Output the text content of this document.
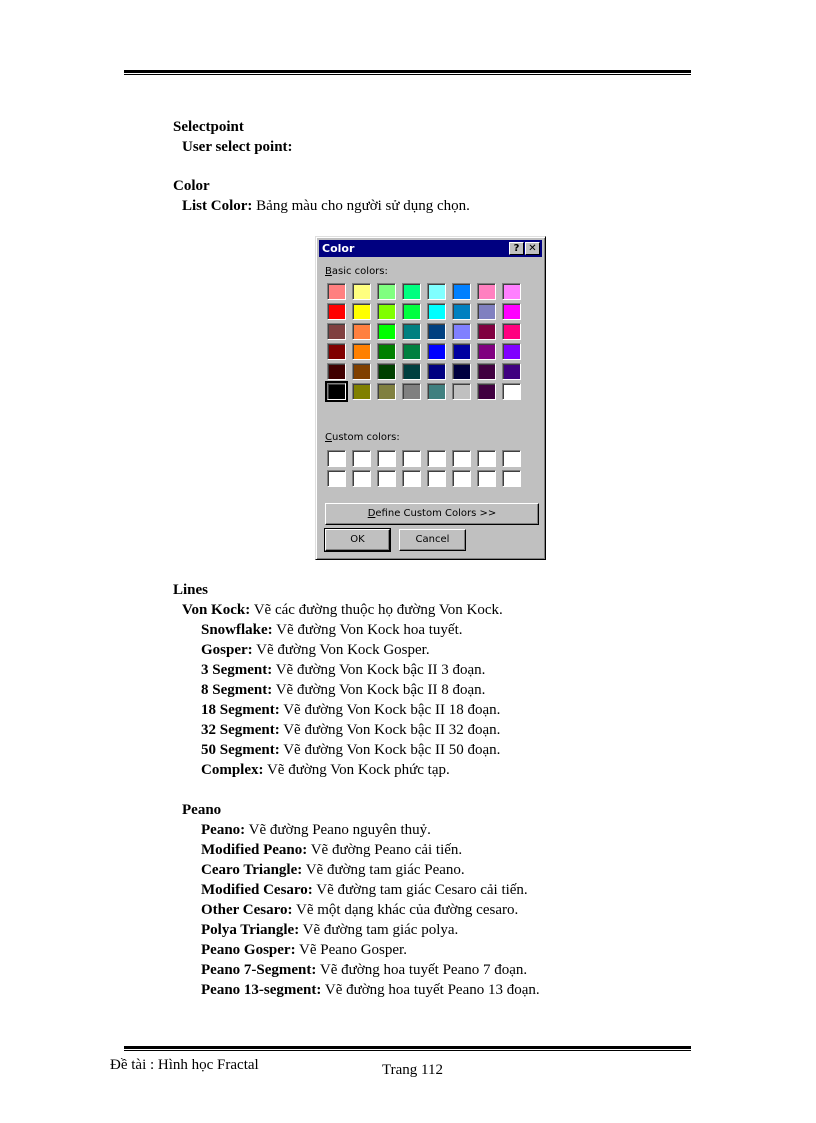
Selectpoint
User select point:
Color
List Color: Bảng màu cho người sử dụng chọn.
Color	? ✕
Basic colors:
Custom colors:
Define Custom Colors >>
OK	Cancel
Lines
Von Kock: Vẽ các đường thuộc họ đường Von Kock.
Snowflake: Vẽ đường Von Kock hoa tuyết.
Gosper: Vẽ đường Von Kock Gosper.
3 Segment: Vẽ đường Von Kock bậc II 3 đoạn.
8 Segment: Vẽ đường Von Kock bậc II 8 đoạn.
18 Segment: Vẽ đường Von Kock bậc II 18 đoạn.
32 Segment: Vẽ đường Von Kock bậc II 32 đoạn.
50 Segment: Vẽ đường Von Kock bậc II 50 đoạn.
Complex: Vẽ đường Von Kock phức tạp.
Peano
Peano: Vẽ đường Peano nguyên thuỷ.
Modified Peano: Vẽ đường Peano cải tiến.
Cearo Triangle: Vẽ đường tam giác Peano.
Modified Cesaro: Vẽ đường tam giác Cesaro cải tiến.
Other Cesaro: Vẽ một dạng khác của đường cesaro.
Polya Triangle: Vẽ đường tam giác polya.
Peano Gosper: Vẽ Peano Gosper.
Peano 7-Segment: Vẽ đường hoa tuyết Peano 7 đoạn.
Peano 13-segment: Vẽ đường hoa tuyết Peano 13 đoạn.
Đề tài : Hình học Fractal	Trang 112
